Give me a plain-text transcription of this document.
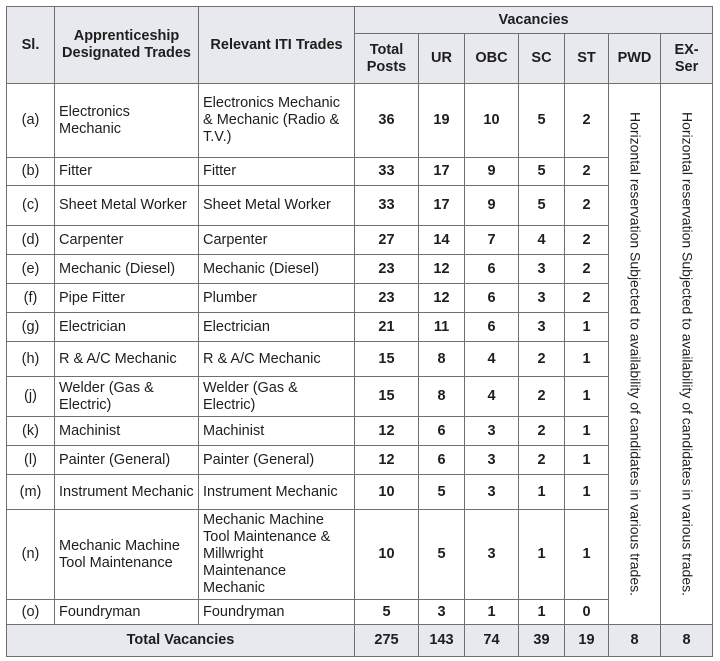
Sl.	Apprenticeship Designated Trades	Relevant ITI Trades	Vacancies						
			Total Posts	UR	OBC	SC	ST	PWD	EX-Ser
(a)	Electronics Mechanic	Electronics Mechanic & Mechanic (Radio & T.V.)	36	19	10	5	2	Horizontal reservation Subjected to availability of candidates in various trades.	Horizontal reservation Subjected to availability of candidates in various trades.

(b)	Fitter	Fitter	33	17	9	5	2		
(c)	Sheet Metal Worker	Sheet Metal Worker	33	17	9	5	2		
(d)	Carpenter	Carpenter	27	14	7	4	2		
(e)	Mechanic (Diesel)	Mechanic (Diesel)	23	12	6	3	2		
(f)	Pipe Fitter	Plumber	23	12	6	3	2		
(g)	Electrician	Electrician	21	11	6	3	1		
(h)	R & A/C Mechanic	R & A/C Mechanic	15	8	4	2	1		
(j)	Welder (Gas & Electric)	Welder (Gas & Electric)	15	8	4	2	1		
(k)	Machinist	Machinist	12	6	3	2	1		
(l)	Painter (General)	Painter (General)	12	6	3	2	1		
(m)	Instrument Mechanic	Instrument Mechanic	10	5	3	1	1		
(n)	Mechanic Machine Tool Maintenance	Mechanic Machine Tool Maintenance & Millwright Maintenance Mechanic	10	5	3	1	1		
(o)	Foundryman	Foundryman	5	3	1	1	0		
Total Vacancies			275	143	74	39	19	8	8
